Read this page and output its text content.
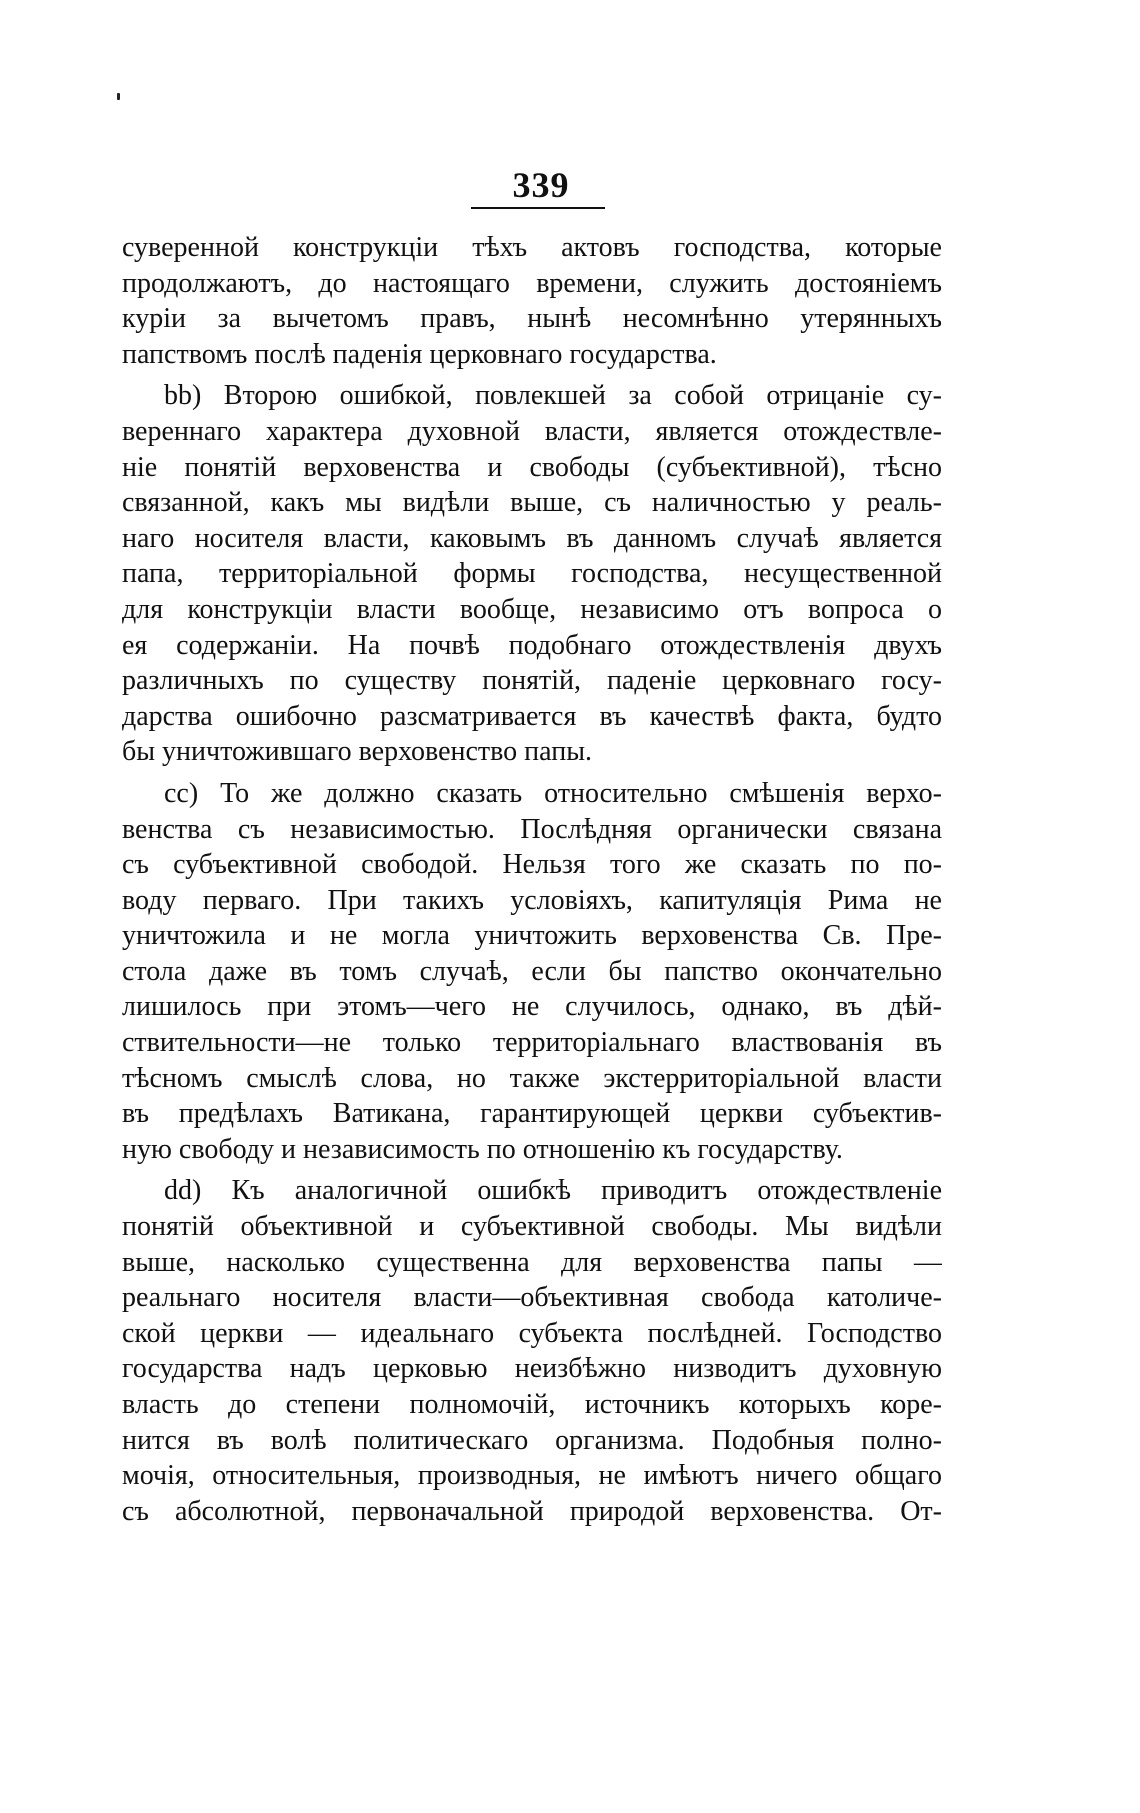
339
суверенной конструкціи тѣхъ актовъ господства, которые
продолжаютъ, до настоящаго времени, служить достояніемъ
куріи за вычетомъ правъ, нынѣ несомнѣнно утерянныхъ
папствомъ послѣ паденія церковнаго государства.
bb) Второю ошибкой, повлекшей за собой отрицаніе су-
вереннаго характера духовной власти, является отождествле-
ніе понятій верховенства и свободы (субъективной), тѣсно
связанной, какъ мы видѣли выше, съ наличностью у реаль-
наго носителя власти, каковымъ въ данномъ случаѣ является
папа, территоріальной формы господства, несущественной
для конструкціи власти вообще, независимо отъ вопроса о
ея содержаніи. На почвѣ подобнаго отождествленія двухъ
различныхъ по существу понятій, паденіе церковнаго госу-
дарства ошибочно разсматривается въ качествѣ факта, будто
бы уничтожившаго верховенство папы.
cc) То же должно сказать относительно смѣшенія верхо-
венства съ независимостью. Послѣдняя органически связана
съ субъективной свободой. Нельзя того же сказать по по-
воду перваго. При такихъ условіяхъ, капитуляція Рима не
уничтожила и не могла уничтожить верховенства Св. Пре-
стола даже въ томъ случаѣ, если бы папство окончательно
лишилось при этомъ—чего не случилось, однако, въ дѣй-
ствительности—не только территоріальнаго властвованія въ
тѣсномъ смыслѣ слова, но также экстерриторіальной власти
въ предѣлахъ Ватикана, гарантирующей церкви субъектив-
ную свободу и независимость по отношенію къ государству.
dd) Къ аналогичной ошибкѣ приводитъ отождествленіе
понятій объективной и субъективной свободы. Мы видѣли
выше, насколько существенна для верховенства папы —
реальнаго носителя власти—объективная свобода католиче-
ской церкви — идеальнаго субъекта послѣдней. Господство
государства надъ церковью неизбѣжно низводитъ духовную
власть до степени полномочій, источникъ которыхъ коре-
нится въ волѣ политическаго организма. Подобныя полно-
мочія, относительныя, производныя, не имѣютъ ничего общаго
съ абсолютной, первоначальной природой верховенства. От-
